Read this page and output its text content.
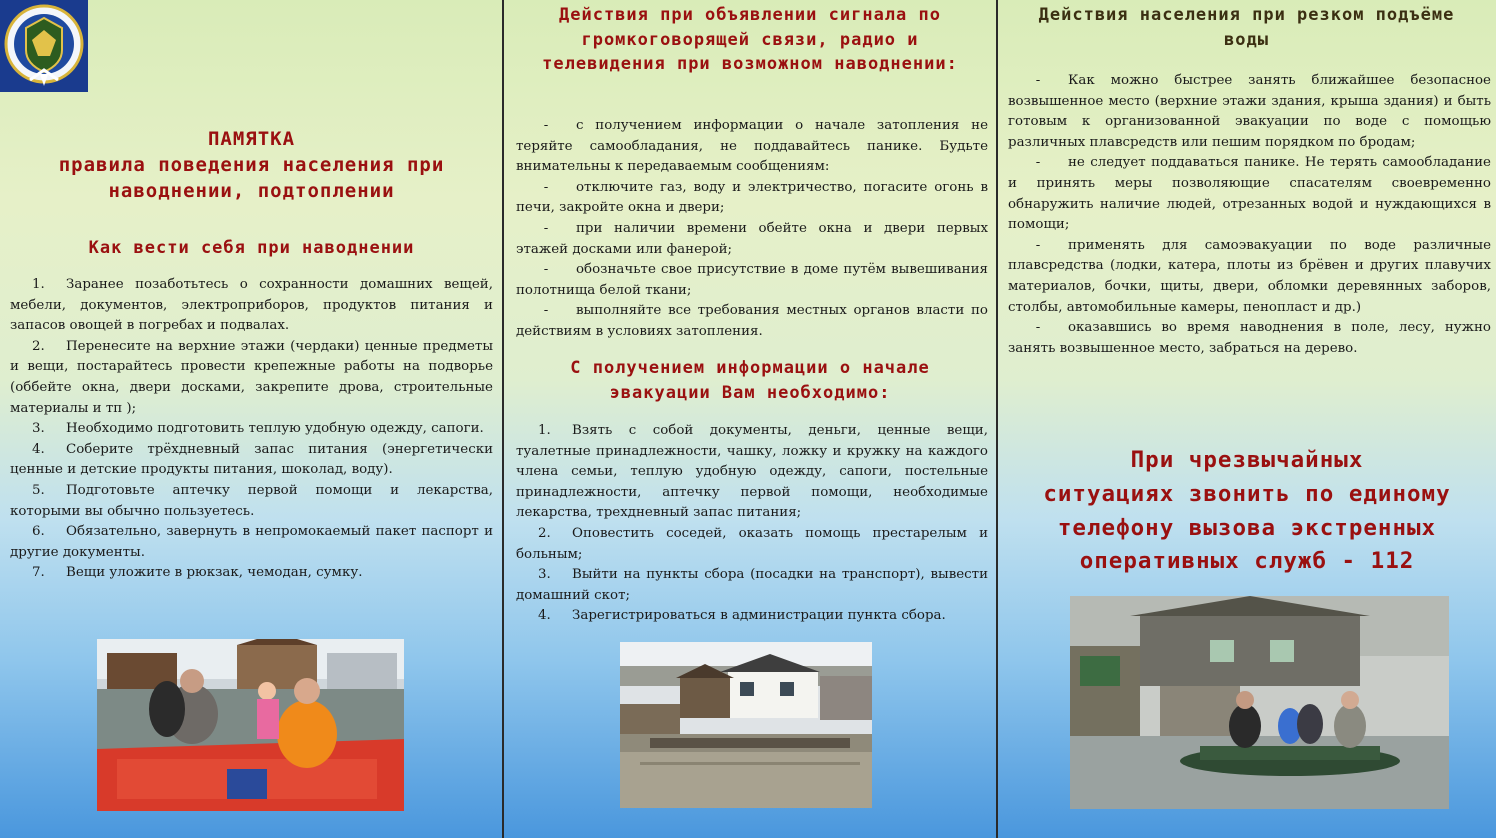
ПАМЯТКА
правила поведения населения при
наводнении, подтоплении
Как вести себя при наводнении

1. Заранее позаботьтесь о сохранности домашних вещей, мебели, документов, электроприборов, продуктов питания и запасов овощей в погребах и подвалах.

2. Перенесите на верхние этажи (чердаки) ценные предметы и вещи, постарайтесь провести крепежные работы на подворье (оббейте окна, двери досками, закрепите дрова, строительные материалы и тп );

3. Необходимо подготовить теплую удобную одежду, сапоги.

4. Соберите трёхдневный запас питания (энергетически ценные и детские продукты питания, шоколад, воду).

5. Подготовьте аптечку первой помощи и лекарства, которыми вы обычно пользуетесь.

6. Обязательно, завернуть в непромокаемый пакет паспорт и другие документы.

7. Вещи уложите в рюкзак, чемодан, сумку.

Действия при объявлении сигнала по громкоговорящей связи, радио и телевидения при возможном наводнении:

- с получением информации о начале затопления не теряйте самообладания, не поддавайтесь панике. Будьте внимательны к передаваемым сообщениям:

- отключите газ, воду и электричество, погасите огонь в печи, закройте окна и двери;

- при наличии времени обейте окна и двери первых этажей досками или фанерой;

- обозначьте свое присутствие в доме путём вывешивания полотнища белой ткани;

- выполняйте все требования местных органов власти по действиям в условиях затопления.

С получением информации о начале эвакуации Вам необходимо:

1. Взять с собой документы, деньги, ценные вещи, туалетные принадлежности, чашку, ложку и кружку на каждого члена семьи, теплую удобную одежду, сапоги, постельные принадлежности, аптечку первой помощи, необходимые лекарства, трехдневный запас питания;

2. Оповестить соседей, оказать помощь престарелым и больным;

3. Выйти на пункты сбора (посадки на транспорт), вывести домашний скот;

4. Зарегистрироваться в администрации пункта сбора.

Действия населения при резком подъёме воды

- Как можно быстрее занять ближайшее безопасное возвышенное место (верхние этажи здания, крыша здания) и быть готовым к организованной эвакуации по воде с помощью различных плавсредств или пешим порядком по бродам;

- не следует поддаваться панике. Не терять самообладание и принять меры позволяющие спасателям своевременно обнаружить наличие людей, отрезанных водой и нуждающихся в помощи;

- применять для самоэвакуации по воде различные плавсредства (лодки, катера, плоты из брёвен и других плавучих материалов, бочки, щиты, двери, обломки деревянных заборов, столбы, автомобильные камеры, пенопласт и др.)

- оказавшись во время наводнения в поле, лесу, нужно занять возвышенное место, забраться на дерево.

При чрезвычайных
ситуациях звонить по единому
телефону вызова экстренных
оперативных служб - 112
